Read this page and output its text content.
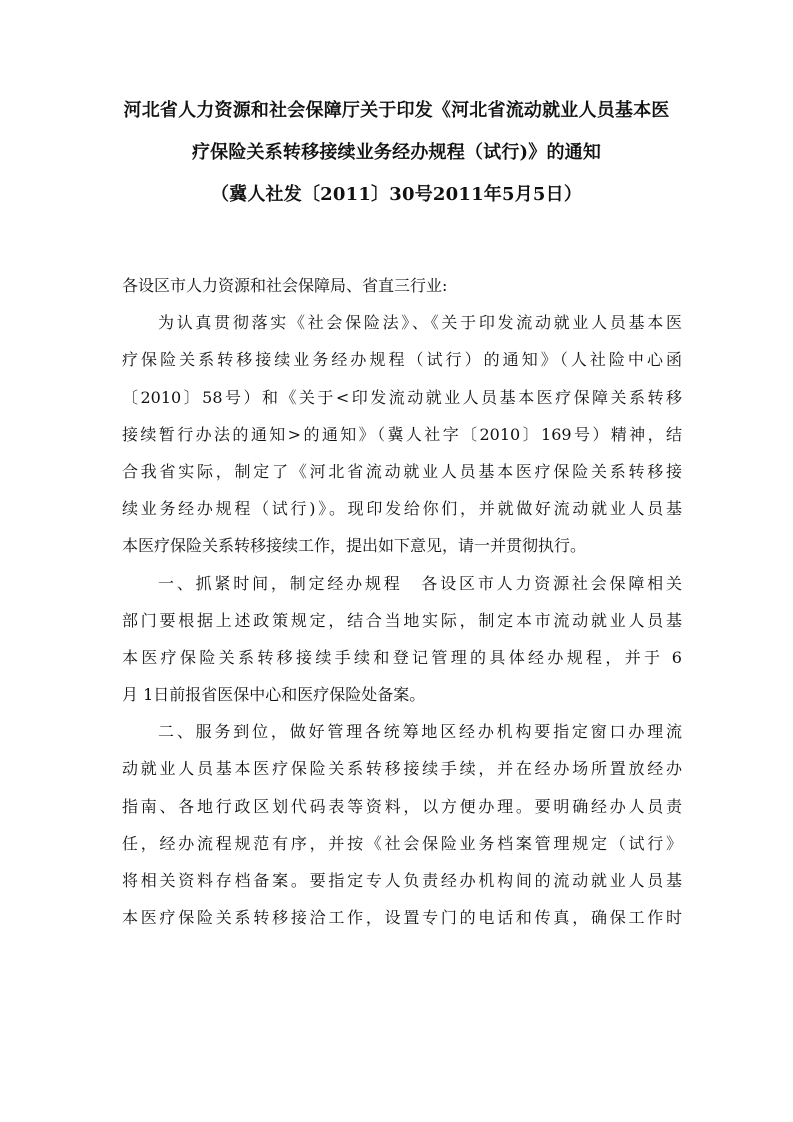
河北省人力资源和社会保障厅关于印发《河北省流动就业人员基本医
疗保险关系转移接续业务经办规程（试行)》的通知
（冀人社发〔2011〕30号2011年5月5日）
各设区市人力资源和社会保障局、省直三行业:
为认真贯彻落实《社会保险法》、《关于印发流动就业人员基本医
疗保险关系转移接续业务经办规程（试行）的通知》（人社险中心函
〔2010〕58号）和《关于<印发流动就业人员基本医疗保障关系转移
接续暂行办法的通知>的通知》（冀人社字〔2010〕169号）精神，结
合我省实际，制定了《河北省流动就业人员基本医疗保险关系转移接
续业务经办规程（试行)》。现印发给你们，并就做好流动就业人员基
本医疗保险关系转移接续工作，提出如下意见，请一并贯彻执行。
一、抓紧时间，制定经办规程　各设区市人力资源社会保障相关
部门要根据上述政策规定，结合当地实际，制定本市流动就业人员基
本医疗保险关系转移接续手续和登记管理的具体经办规程，并于 6
月 1日前报省医保中心和医疗保险处备案。
二、服务到位，做好管理各统筹地区经办机构要指定窗口办理流
动就业人员基本医疗保险关系转移接续手续，并在经办场所置放经办
指南、各地行政区划代码表等资料，以方便办理。要明确经办人员责
任，经办流程规范有序，并按《社会保险业务档案管理规定（试行》
将相关资料存档备案。要指定专人负责经办机构间的流动就业人员基
本医疗保险关系转移接洽工作，设置专门的电话和传真，确保工作时
